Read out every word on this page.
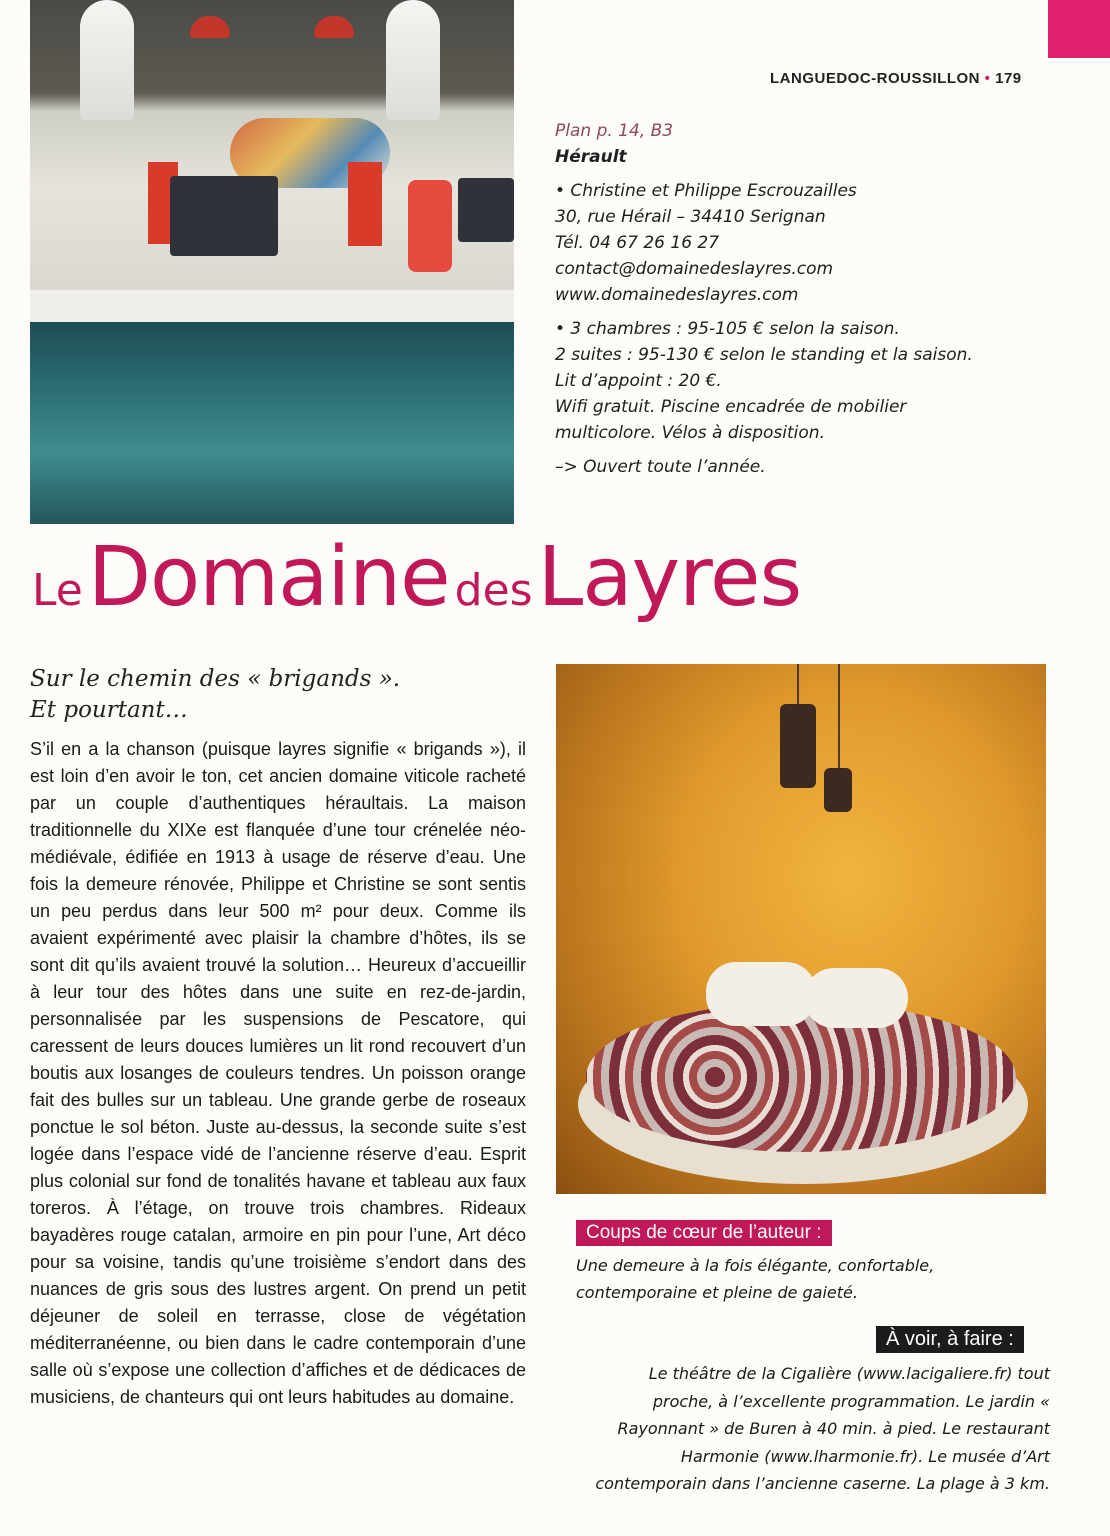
LANGUEDOC-ROUSSILLON • 179

Plan p. 14, B3

Hérault

• Christine et Philippe Escrouzailles

30, rue Hérail – 34410 Serignan

Tél. 04 67 26 16 27

contact@domainedeslayres.com

www.domainedeslayres.com

• 3 chambres : 95-105 € selon la saison.

2 suites : 95-130 € selon le standing et la saison.

Lit d’appoint : 20 €.

Wifi gratuit. Piscine encadrée de mobilier

multicolore. Vélos à disposition.

–> Ouvert toute l’année.

Le Domaine des Layres
Sur le chemin des « brigands ».
Et pourtant…
S’il en a la chanson (puisque layres signifie « brigands »), il est loin d’en avoir le ton, cet ancien domaine viticole racheté par un couple d’authentiques héraultais. La maison traditionnelle du XIXe est flanquée d’une tour crénelée néo-médiévale, édifiée en 1913 à usage de réserve d’eau. Une fois la demeure rénovée, Philippe et Christine se sont sentis un peu perdus dans leur 500 m² pour deux. Comme ils avaient expérimenté avec plaisir la chambre d’hôtes, ils se sont dit qu’ils avaient trouvé la solution… Heureux d’accueillir à leur tour des hôtes dans une suite en rez-de-jardin, personnalisée par les suspensions de Pescatore, qui caressent de leurs douces lumières un lit rond recouvert d’un boutis aux losanges de couleurs tendres. Un poisson orange fait des bulles sur un tableau. Une grande gerbe de roseaux ponctue le sol béton. Juste au-dessus, la seconde suite s’est logée dans l’espace vidé de l’ancienne réserve d’eau. Esprit plus colonial sur fond de tonalités havane et tableau aux faux toreros. À l’étage, on trouve trois chambres. Rideaux bayadères rouge catalan, armoire en pin pour l’une, Art déco pour sa voisine, tandis qu’une troisième s’endort dans des nuances de gris sous des lustres argent. On prend un petit déjeuner de soleil en terrasse, close de végétation méditerranéenne, ou bien dans le cadre contemporain d’une salle où s’expose une collection d’affiches et de dédicaces de musiciens, de chanteurs qui ont leurs habitudes au domaine.
Coups de cœur de l’auteur :
Une demeure à la fois élégante, confortable, contemporaine et pleine de gaieté.
À voir, à faire :
Le théâtre de la Cigalière (www.lacigaliere.fr) tout proche, à l’excellente programmation. Le jardin « Rayonnant » de Buren à 40 min. à pied. Le restaurant Harmonie (www.lharmonie.fr). Le musée d’Art contemporain dans l’ancienne caserne. La plage à 3 km.
